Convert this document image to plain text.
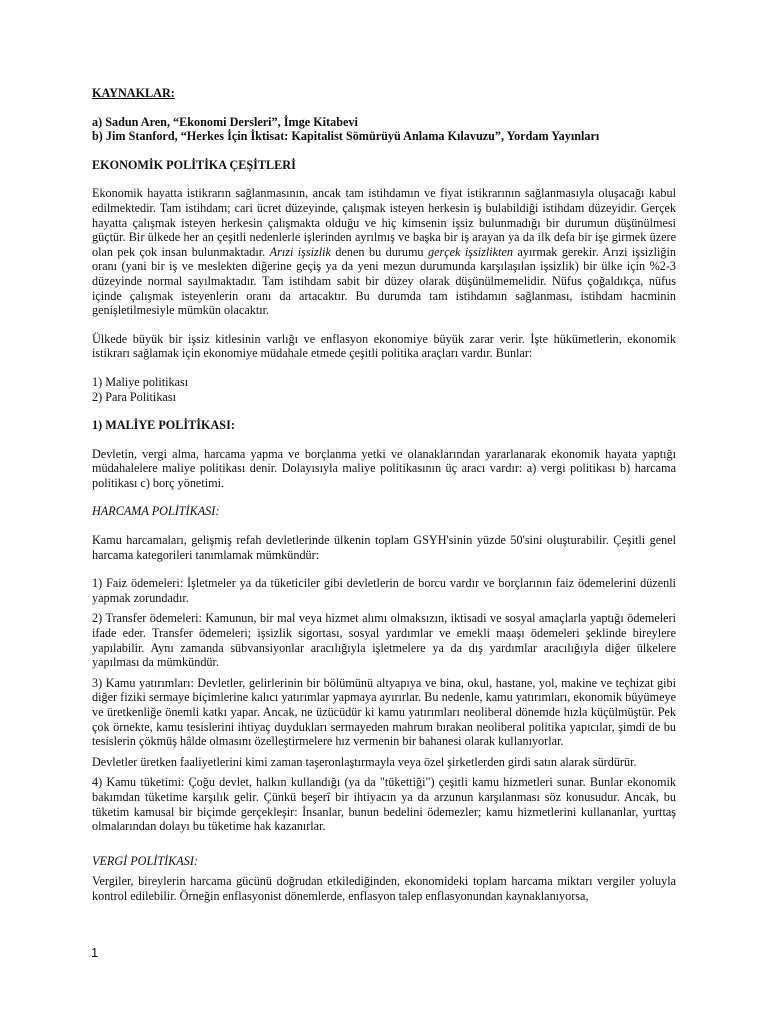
KAYNAKLAR:

a) Sadun Aren, “Ekonomi Dersleri”, İmge Kitabevi

b) Jim Stanford, “Herkes İçin İktisat: Kapitalist Sömürüyü Anlama Kılavuzu”, Yordam Yayınları

EKONOMİK POLİTİKA ÇEŞİTLERİ

Ekonomik hayatta istikrarın sağlanmasının, ancak tam istihdamın ve fiyat istikrarının sağlanmasıyla oluşacağı kabul edilmektedir. Tam istihdam; cari ücret düzeyinde, çalışmak isteyen herkesin iş bulabildiği istihdam düzeyidir. Gerçek hayatta çalışmak isteyen herkesin çalışmakta olduğu ve hiç kimsenin işsiz bulunmadığı bir durumun düşünülmesi güçtür. Bir ülkede her an çeşitli nedenlerle işlerinden ayrılmış ve başka bir iş arayan ya da ilk defa bir işe girmek üzere olan pek çok insan bulunmaktadır. Arızi işsizlik denen bu durumu gerçek işsizlikten ayırmak gerekir. Arızi işsizliğin oranı (yani bir iş ve meslekten diğerine geçiş ya da yeni mezun durumunda karşılaşılan işsizlik) bir ülke için %2-3 düzeyinde normal sayılmaktadır. Tam istihdam sabit bir düzey olarak düşünülmemelidir. Nüfus çoğaldıkça, nüfus içinde çalışmak isteyenlerin oranı da artacaktır. Bu durumda tam istihdamın sağlanması, istihdam hacminin genişletilmesiyle mümkün olacaktır.

Ülkede büyük bir işsiz kitlesinin varlığı ve enflasyon ekonomiye büyük zarar verir. İşte hükümetlerin, ekonomik istikrarı sağlamak için ekonomiye müdahale etmede çeşitli politika araçları vardır. Bunlar:

1) Maliye politikası

2) Para Politikası

1) MALİYE POLİTİKASI:

Devletin, vergi alma, harcama yapma ve borçlanma yetki ve olanaklarından yararlanarak ekonomik hayata yaptığı müdahalelere maliye politikası denir. Dolayısıyla maliye politikasının üç aracı vardır: a) vergi politikası b) harcama politikası c) borç yönetimi.

HARCAMA POLİTİKASI:

Kamu harcamaları, gelişmiş refah devletlerinde ülkenin toplam GSYH'sinin yüzde 50'sini oluşturabilir. Çeşitli genel harcama kategorileri tanımlamak mümkündür:

1) Faiz ödemeleri: İşletmeler ya da tüketiciler gibi devletlerin de borcu vardır ve borçlarının faiz ödemelerini düzenli yapmak zorundadır.

2) Transfer ödemeleri: Kamunun, bir mal veya hizmet alımı olmaksızın, iktisadi ve sosyal amaçlarla yaptığı ödemeleri ifade eder. Transfer ödemeleri; işsizlik sigortası, sosyal yardımlar ve emekli maaşı ödemeleri şeklinde bireylere yapılabilir. Aynı zamanda sübvansiyonlar aracılığıyla işletmelere ya da dış yardımlar aracılığıyla diğer ülkelere yapılması da mümkündür.

3) Kamu yatırımları: Devletler, gelirlerinin bir bölümünü altyapıya ve bina, okul, hastane, yol, makine ve teçhizat gibi diğer fiziki sermaye biçimlerine kalıcı yatırımlar yapmaya ayırırlar. Bu nedenle, kamu yatırımları, ekonomik büyümeye ve üretkenliğe önemli katkı yapar. Ancak, ne üzücüdür ki kamu yatırımları neoliberal dönemde hızla küçülmüştür. Pek çok örnekte, kamu tesislerini ihtiyaç duydukları sermayeden mahrum bırakan neoliberal politika yapıcılar, şimdi de bu tesislerin çökmüş hâlde olmasını özelleştirmelere hız vermenin bir bahanesi olarak kullanıyorlar.

Devletler üretken faaliyetlerini kimi zaman taşeronlaştırmayla veya özel şirketlerden girdi satın alarak sürdürür.

4) Kamu tüketimi: Çoğu devlet, halkın kullandığı (ya da "tükettiği") çeşitli kamu hizmetleri sunar. Bunlar ekonomik bakımdan tüketime karşılık gelir. Çünkü beşerî bir ihtiyacın ya da arzunun karşılanması söz konusudur. Ancak, bu tüketim kamusal bir biçimde gerçekleşir: İnsanlar, bunun bedelini ödemezler; kamu hizmetlerini kullananlar, yurttaş olmalarından dolayı bu tüketime hak kazanırlar.

VERGİ POLİTİKASI:

Vergiler, bireylerin harcama gücünü doğrudan etkilediğinden, ekonomideki toplam harcama miktarı vergiler yoluyla kontrol edilebilir. Örneğin enflasyonist dönemlerde, enflasyon talep enflasyonundan kaynaklanıyorsa,

1
